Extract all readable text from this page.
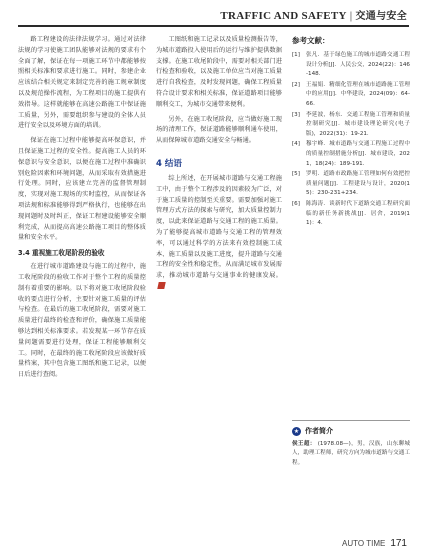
TRAFFIC AND SAFETY | 交通与安全

路工程建设的法律法规学习。通过对法律法规的学习使施工团队能够对法规的要求有个全面了解，保证在每一项施工环节中都能够按照相关标准和要求进行施工。同时，参建企业应该结合相关规定来制定完善的施工规章制度以及规范操作流程，为工程项目的施工提供有效指导。这样就能够在高速公路施工中保证施工质量，另外，需要组织参与建设的全体人员进行安全以及环境方面的培训。

保证在施工过程中能够提高环保意识，并且保证施工过程的安全性。提高施工人员的环保意识与安全意识，以便在施工过程中准确识别危险因素和环境问题，从而采取有效措施进行处理。同时，应该建立完善的监督管理制度，实现对施工现场的实时监控，从而保证各项法规和标准能够得到严格执行，也能够在出现问题时及时纠正，保证工程建设能够安全顺利完成，从而提高高速公路施工项目的整体质量和安全水平。

3.4 重视施工收尾阶段的验收

在进行城市道路建设与施工的过程中，施工收尾阶段的验收工作对于整个工程的质量控制有着重要的影响。以下将对施工收尾阶段验收的要点进行分析，主要针对施工质量的评估与检查。在最后的施工收尾阶段，需要对施工质量进行最终的检查和评价，确保施工质量能够达到相关标准要求。若发现某一环节存在质量问题需要进行处理，保证工程能够顺利交工。同时，在最终的施工收尾阶段应该做好质量档案，其中包含施工图纸和施工记录，以便日后进行查阅。

工图纸和施工记录以及质量检测报告等，为城市道路投入使用后的运行与维护提供数据支撑。在施工收尾阶段中，需要对相关部门进行检查和验收，以及施工单位应当对施工质量进行自我检查，及时发现问题，确保工程质量符合设计要求和相关标准，保证道路项目能够顺利交工，为城市交通带来便利。

另外，在施工收尾阶段，应当做好施工现场的清理工作，保证道路能够顺利通车使用，从而保障城市道路交通安全与畅通。

4 结语

综上所述，在开展城市道路与交通工程施工中，由于整个工程涉及的因素较为广泛，对于施工质量的控制至关重要。需要加强对施工管理方式方法的探索与研究，加大质量控制力度，以此来保证道路与交通工程的施工质量。为了能够提高城市道路与交通工程的管理效率，可以通过科学的方法来有效控制施工成本、施工质量以及施工进度，提升道路与交通工程的安全性和稳定性，从而满足城市发展需求，推动城市道路与交通事业的健康发展。

参考文献：
[1]	张凡．基于绿色施工的城市道路交通工程设计分析[J]．人民公交，2024(22)：146-148.
[2]	王福娟．精细化管理在城市道路施工管理中的应用[J]．中华建设，2024(09)：64-66.
[3]	李延波，杨东．交通工程施工管理和质量控制研究[J]．城市建设理论研究(电子版)，2022(31)：19-21.
[4]	穆宇峰．城市道路与交通工程施工过程中的质量控制措施分析[J]．城市建设，2021，18(24)：189-191.
[5]	罗明．道路市政路施工管理如何有效把控质量问题[J]．工程建设与设计，2020(15)：230-231+234.
[6]	陈海涛．谈新时代下道路交通工程研究面临的新任务新挑战[J]．居舍，2019(11)：4.
★ 作者简介
侯王超： (1978.08—)，男，汉族，山东聊城人，助理工程师，研究方向为城市道路与交通工程。
AUTO TIME 171
